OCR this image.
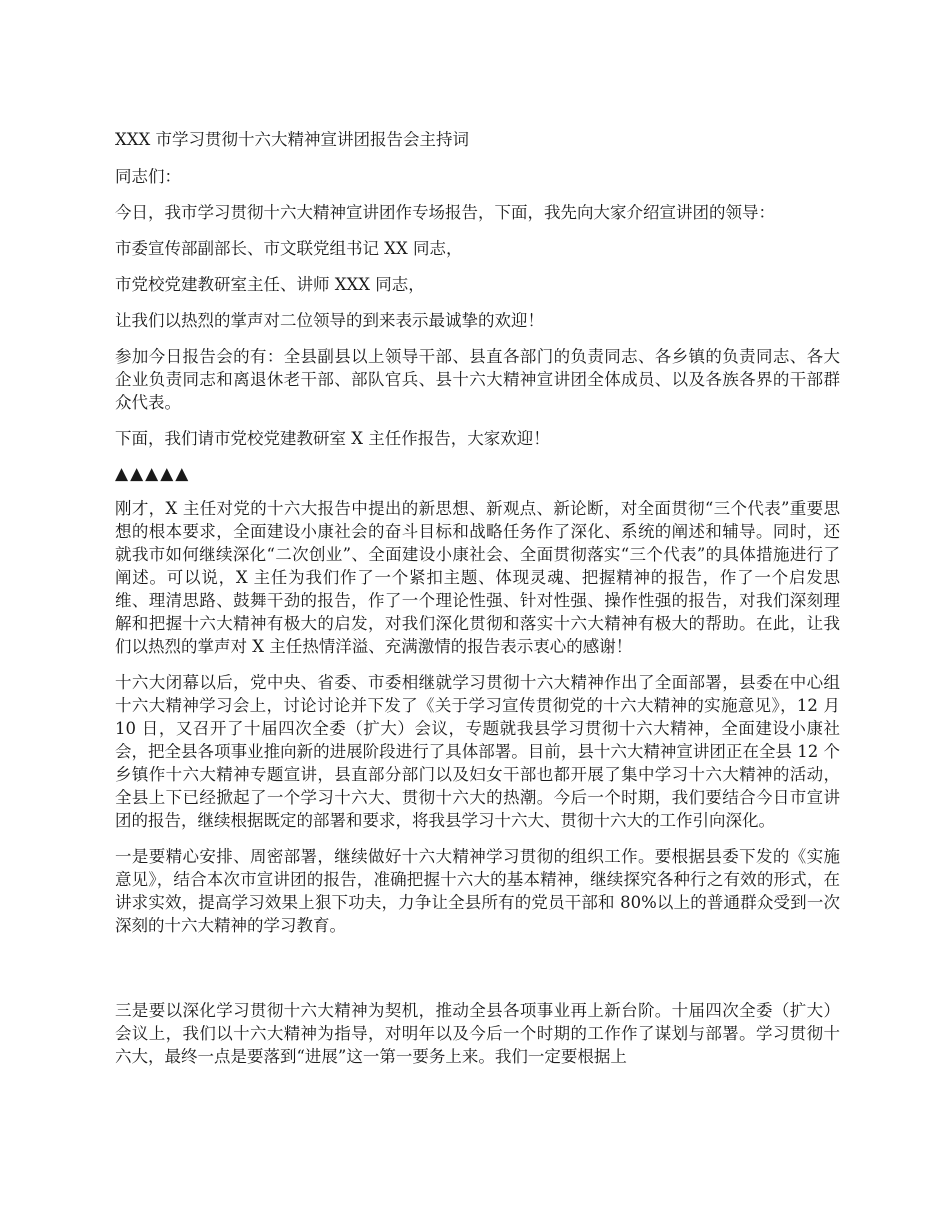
XXX 市学习贯彻十六大精神宣讲团报告会主持词

同志们：

今日，我市学习贯彻十六大精神宣讲团作专场报告，下面，我先向大家介绍宣讲团的领导：

市委宣传部副部长、市文联党组书记 XX 同志，

市党校党建教研室主任、讲师 XXX 同志，

让我们以热烈的掌声对二位领导的到来表示最诚挚的欢迎！

参加今日报告会的有：全县副县以上领导干部、县直各部门的负责同志、各乡镇的负责同志、各大企业负责同志和离退休老干部、部队官兵、县十六大精神宣讲团全体成员、以及各族各界的干部群众代表。

下面，我们请市党校党建教研室 X 主任作报告，大家欢迎！

▲▲▲▲▲

刚才，X 主任对党的十六大报告中提出的新思想、新观点、新论断，对全面贯彻“三个代表”重要思想的根本要求，全面建设小康社会的奋斗目标和战略任务作了深化、系统的阐述和辅导。同时，还就我市如何继续深化“二次创业”、全面建设小康社会、全面贯彻落实“三个代表”的具体措施进行了阐述。可以说，X 主任为我们作了一个紧扣主题、体现灵魂、把握精神的报告，作了一个启发思维、理清思路、鼓舞干劲的报告，作了一个理论性强、针对性强、操作性强的报告，对我们深刻理解和把握十六大精神有极大的启发，对我们深化贯彻和落实十六大精神有极大的帮助。在此，让我们以热烈的掌声对 X 主任热情洋溢、充满激情的报告表示衷心的感谢！

十六大闭幕以后，党中央、省委、市委相继就学习贯彻十六大精神作出了全面部署，县委在中心组十六大精神学习会上，讨论讨论并下发了《关于学习宣传贯彻党的十六大精神的实施意见》，12 月 10 日，又召开了十届四次全委（扩大）会议，专题就我县学习贯彻十六大精神，全面建设小康社会，把全县各项事业推向新的进展阶段进行了具体部署。目前，县十六大精神宣讲团正在全县 12 个乡镇作十六大精神专题宣讲，县直部分部门以及妇女干部也都开展了集中学习十六大精神的活动，全县上下已经掀起了一个学习十六大、贯彻十六大的热潮。今后一个时期，我们要结合今日市宣讲团的报告，继续根据既定的部署和要求，将我县学习十六大、贯彻十六大的工作引向深化。

一是要精心安排、周密部署，继续做好十六大精神学习贯彻的组织工作。要根据县委下发的《实施意见》，结合本次市宣讲团的报告，准确把握十六大的基本精神，继续探究各种行之有效的形式，在讲求实效，提高学习效果上狠下功夫，力争让全县所有的党员干部和 80%以上的普通群众受到一次深刻的十六大精神的学习教育。

三是要以深化学习贯彻十六大精神为契机，推动全县各项事业再上新台阶。十届四次全委（扩大）会议上，我们以十六大精神为指导，对明年以及今后一个时期的工作作了谋划与部署。学习贯彻十六大，最终一点是要落到“进展”这一第一要务上来。我们一定要根据上
